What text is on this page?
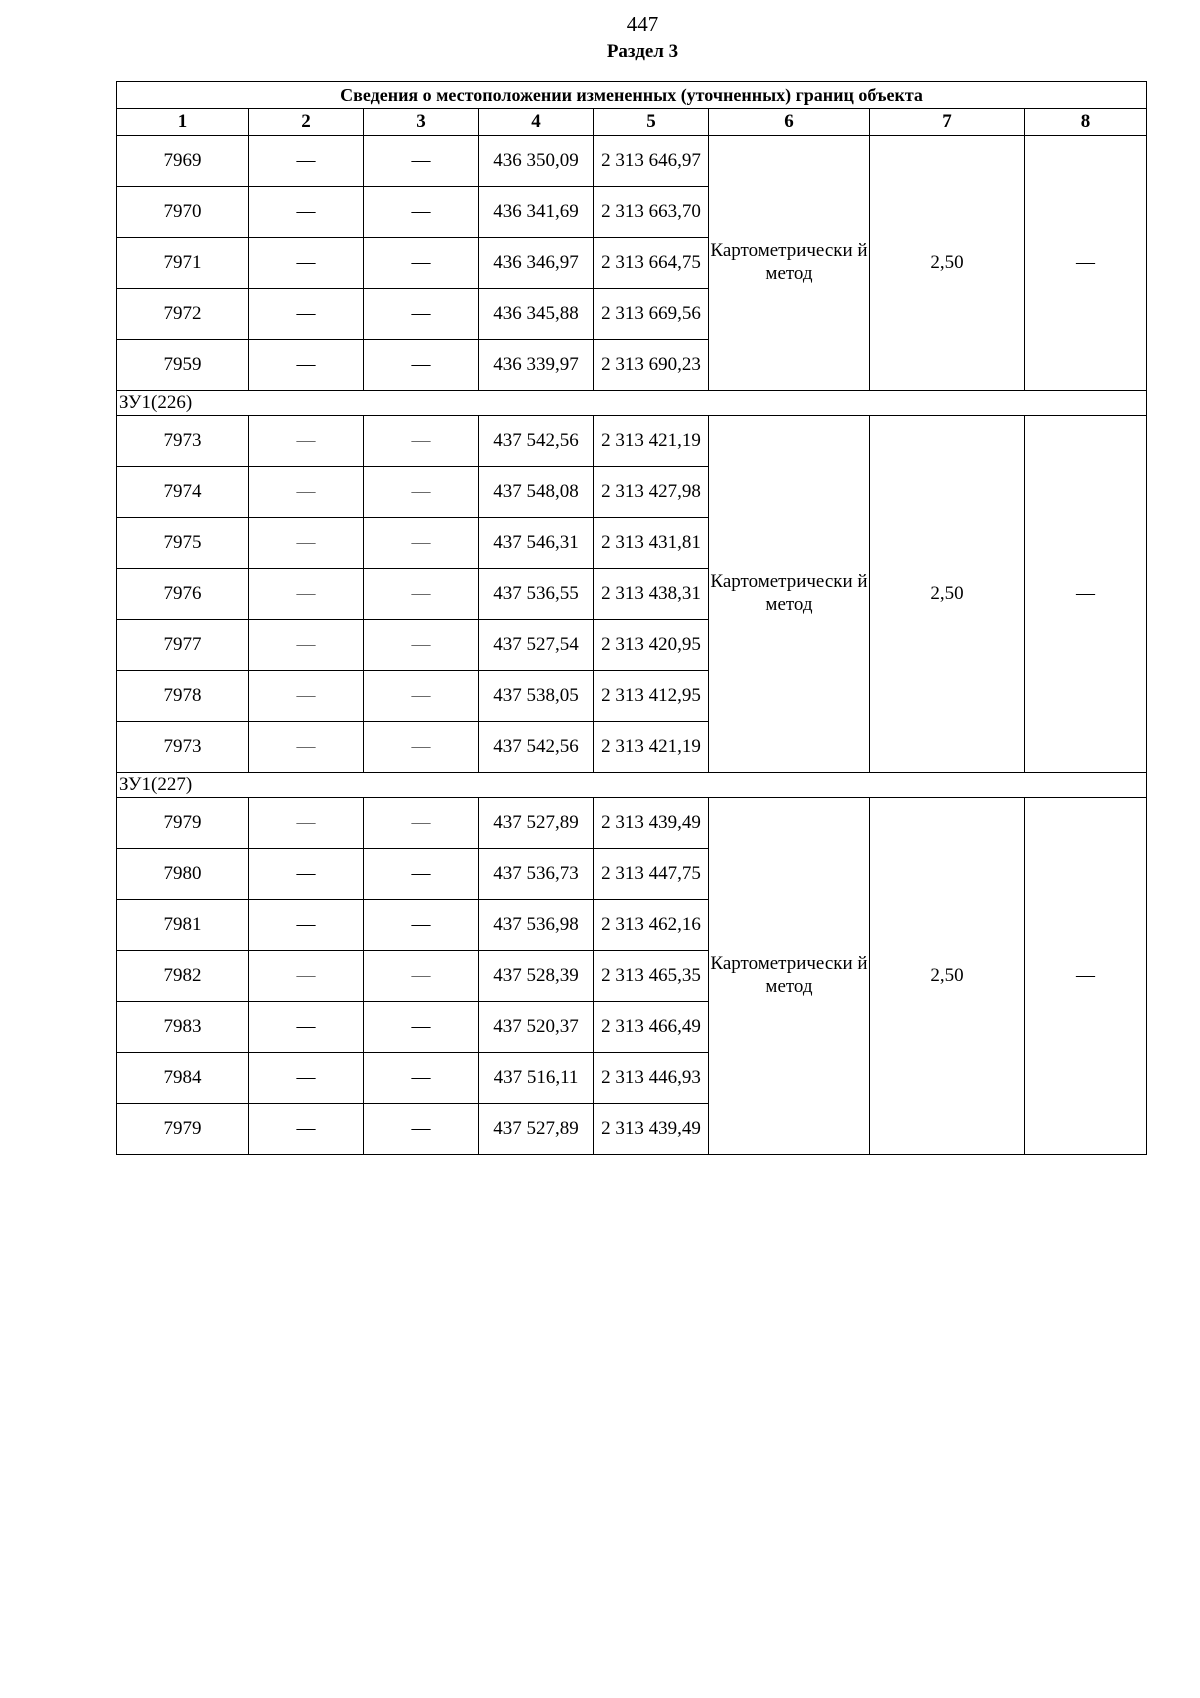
447
Раздел 3
Сведения о местоположении измененных (уточненных) границ объекта							
1	2	3	4	5	6	7	8
7969	—	—	436 350,09	2 313 646,97	Картометрически й метод	2,50	—
7970	—	—	436 341,69	2 313 663,70			
7971	—	—	436 346,97	2 313 664,75			
7972	—	—	436 345,88	2 313 669,56			
7959	—	—	436 339,97	2 313 690,23			
ЗУ1(226)							
7973	—	—	437 542,56	2 313 421,19	Картометрически й метод	2,50	—
7974	—	—	437 548,08	2 313 427,98			
7975	—	—	437 546,31	2 313 431,81			
7976	—	—	437 536,55	2 313 438,31			
7977	—	—	437 527,54	2 313 420,95			
7978	—	—	437 538,05	2 313 412,95			
7973	—	—	437 542,56	2 313 421,19			
ЗУ1(227)							
7979	—	—	437 527,89	2 313 439,49	Картометрически й метод	2,50	—
7980	—	—	437 536,73	2 313 447,75			
7981	—	—	437 536,98	2 313 462,16			
7982	—	—	437 528,39	2 313 465,35			
7983	—	—	437 520,37	2 313 466,49			
7984	—	—	437 516,11	2 313 446,93			
7979	—	—	437 527,89	2 313 439,49			
